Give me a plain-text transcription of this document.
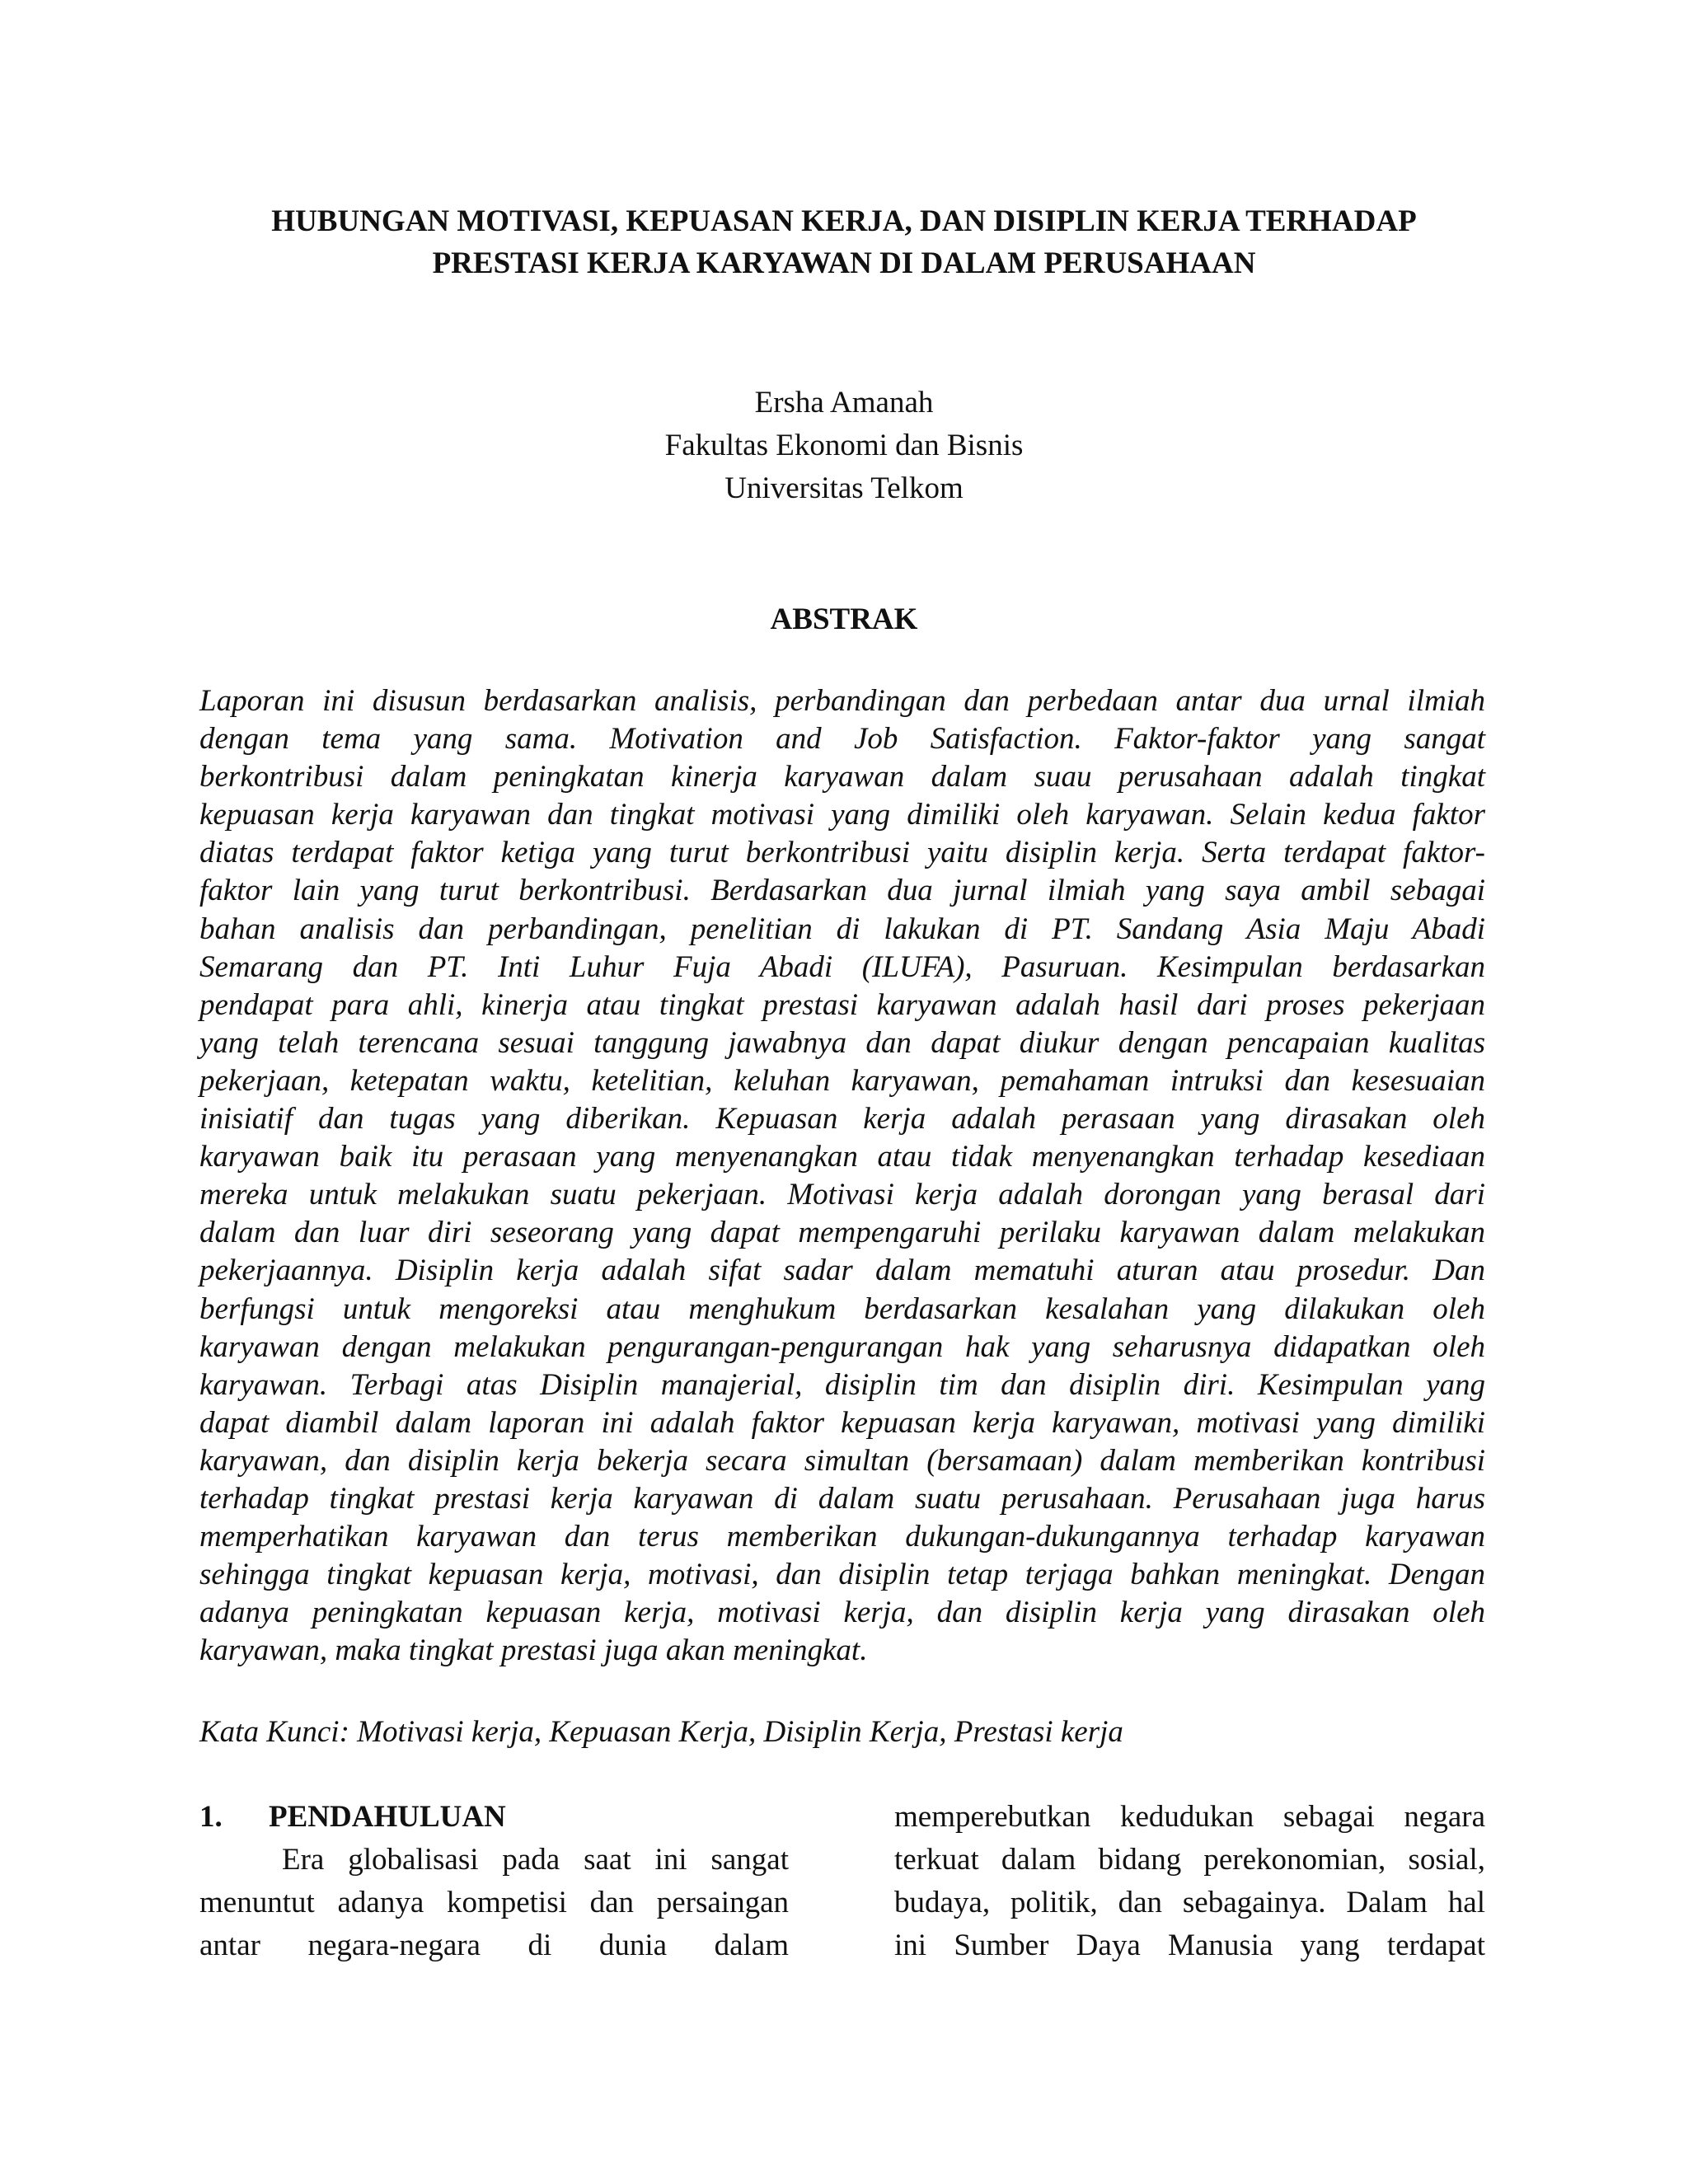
HUBUNGAN MOTIVASI, KEPUASAN KERJA, DAN DISIPLIN KERJA TERHADAP
PRESTASI KERJA KARYAWAN DI DALAM PERUSAHAAN
Ersha Amanah
Fakultas Ekonomi dan Bisnis
Universitas Telkom
ABSTRAK
Laporan ini disusun berdasarkan analisis, perbandingan dan perbedaan antar dua urnal ilmiah
dengan tema yang sama. Motivation and Job Satisfaction. Faktor-faktor yang sangat
berkontribusi dalam peningkatan kinerja karyawan dalam suau perusahaan adalah tingkat
kepuasan kerja karyawan dan tingkat motivasi yang dimiliki oleh karyawan. Selain kedua faktor
diatas terdapat faktor ketiga yang turut berkontribusi yaitu disiplin kerja. Serta terdapat faktor-
faktor lain yang turut berkontribusi. Berdasarkan dua jurnal ilmiah yang saya ambil sebagai
bahan analisis dan perbandingan, penelitian di lakukan di PT. Sandang Asia Maju Abadi
Semarang dan PT. Inti Luhur Fuja Abadi (ILUFA), Pasuruan. Kesimpulan berdasarkan
pendapat para ahli, kinerja atau tingkat prestasi karyawan adalah hasil dari proses pekerjaan
yang telah terencana sesuai tanggung jawabnya dan dapat diukur dengan pencapaian kualitas
pekerjaan, ketepatan waktu, ketelitian, keluhan karyawan, pemahaman intruksi dan kesesuaian
inisiatif dan tugas yang diberikan. Kepuasan kerja adalah perasaan yang dirasakan oleh
karyawan baik itu perasaan yang menyenangkan atau tidak menyenangkan terhadap kesediaan
mereka untuk melakukan suatu pekerjaan. Motivasi kerja adalah dorongan yang berasal dari
dalam dan luar diri seseorang yang dapat mempengaruhi perilaku karyawan dalam melakukan
pekerjaannya. Disiplin kerja adalah sifat sadar dalam mematuhi aturan atau prosedur. Dan
berfungsi untuk mengoreksi atau menghukum berdasarkan kesalahan yang dilakukan oleh
karyawan dengan melakukan pengurangan-pengurangan hak yang seharusnya didapatkan oleh
karyawan. Terbagi atas Disiplin manajerial, disiplin tim dan disiplin diri. Kesimpulan yang
dapat diambil dalam laporan ini adalah faktor kepuasan kerja karyawan, motivasi yang dimiliki
karyawan, dan disiplin kerja bekerja secara simultan (bersamaan) dalam memberikan kontribusi
terhadap tingkat prestasi kerja karyawan di dalam suatu perusahaan. Perusahaan juga harus
memperhatikan karyawan dan terus memberikan dukungan-dukungannya terhadap karyawan
sehingga tingkat kepuasan kerja, motivasi, dan disiplin tetap terjaga bahkan meningkat. Dengan
adanya peningkatan kepuasan kerja, motivasi kerja, dan disiplin kerja yang dirasakan oleh
karyawan, maka tingkat prestasi juga akan meningkat.
Kata Kunci: Motivasi kerja, Kepuasan Kerja, Disiplin Kerja, Prestasi kerja
1. PENDAHULUAN
Era globalisasi pada saat ini sangat
menuntut adanya kompetisi dan persaingan
antar negara-negara di dunia dalam
memperebutkan kedudukan sebagai negara
terkuat dalam bidang perekonomian, sosial,
budaya, politik, dan sebagainya. Dalam hal
ini Sumber Daya Manusia yang terdapat
